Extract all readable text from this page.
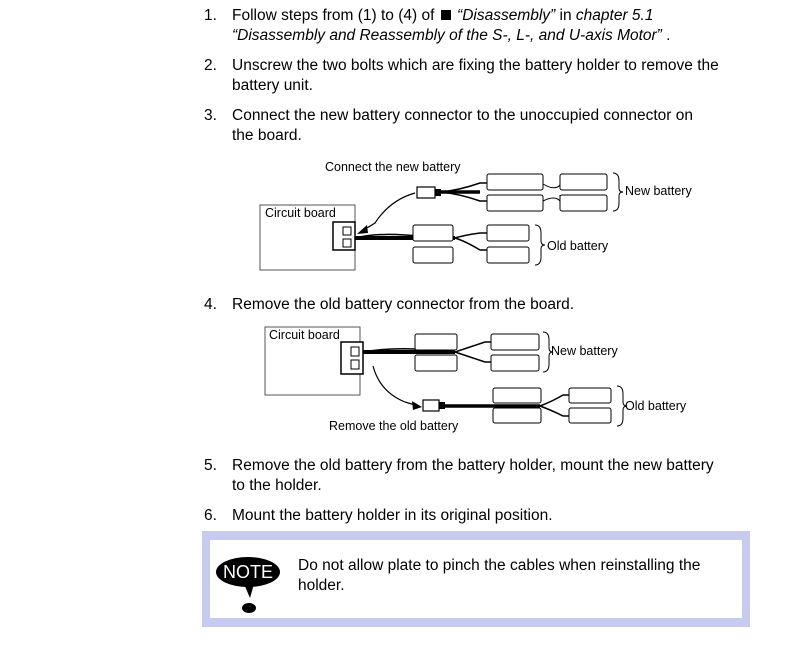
1. Follow steps from (1) to (4) of  “Disassembly” in chapter 5.1

“Disassembly and Reassembly of the S-, L-, and U-axis Motor” .

2. Unscrew the two bolts which are fixing the battery holder to remove the

battery unit.

3. Connect the new battery connector to the unoccupied connector on

the board.

Connect the new battery
Circuit board
New battery
Old battery
4. Remove the old battery connector from the board.

Circuit board
New battery
Old battery
Remove the old battery
5. Remove the old battery from the battery holder, mount the new battery

to the holder.

6. Mount the battery holder in its original position.

NOTE Do not allow plate to pinch the cables when reinstalling the

holder.
